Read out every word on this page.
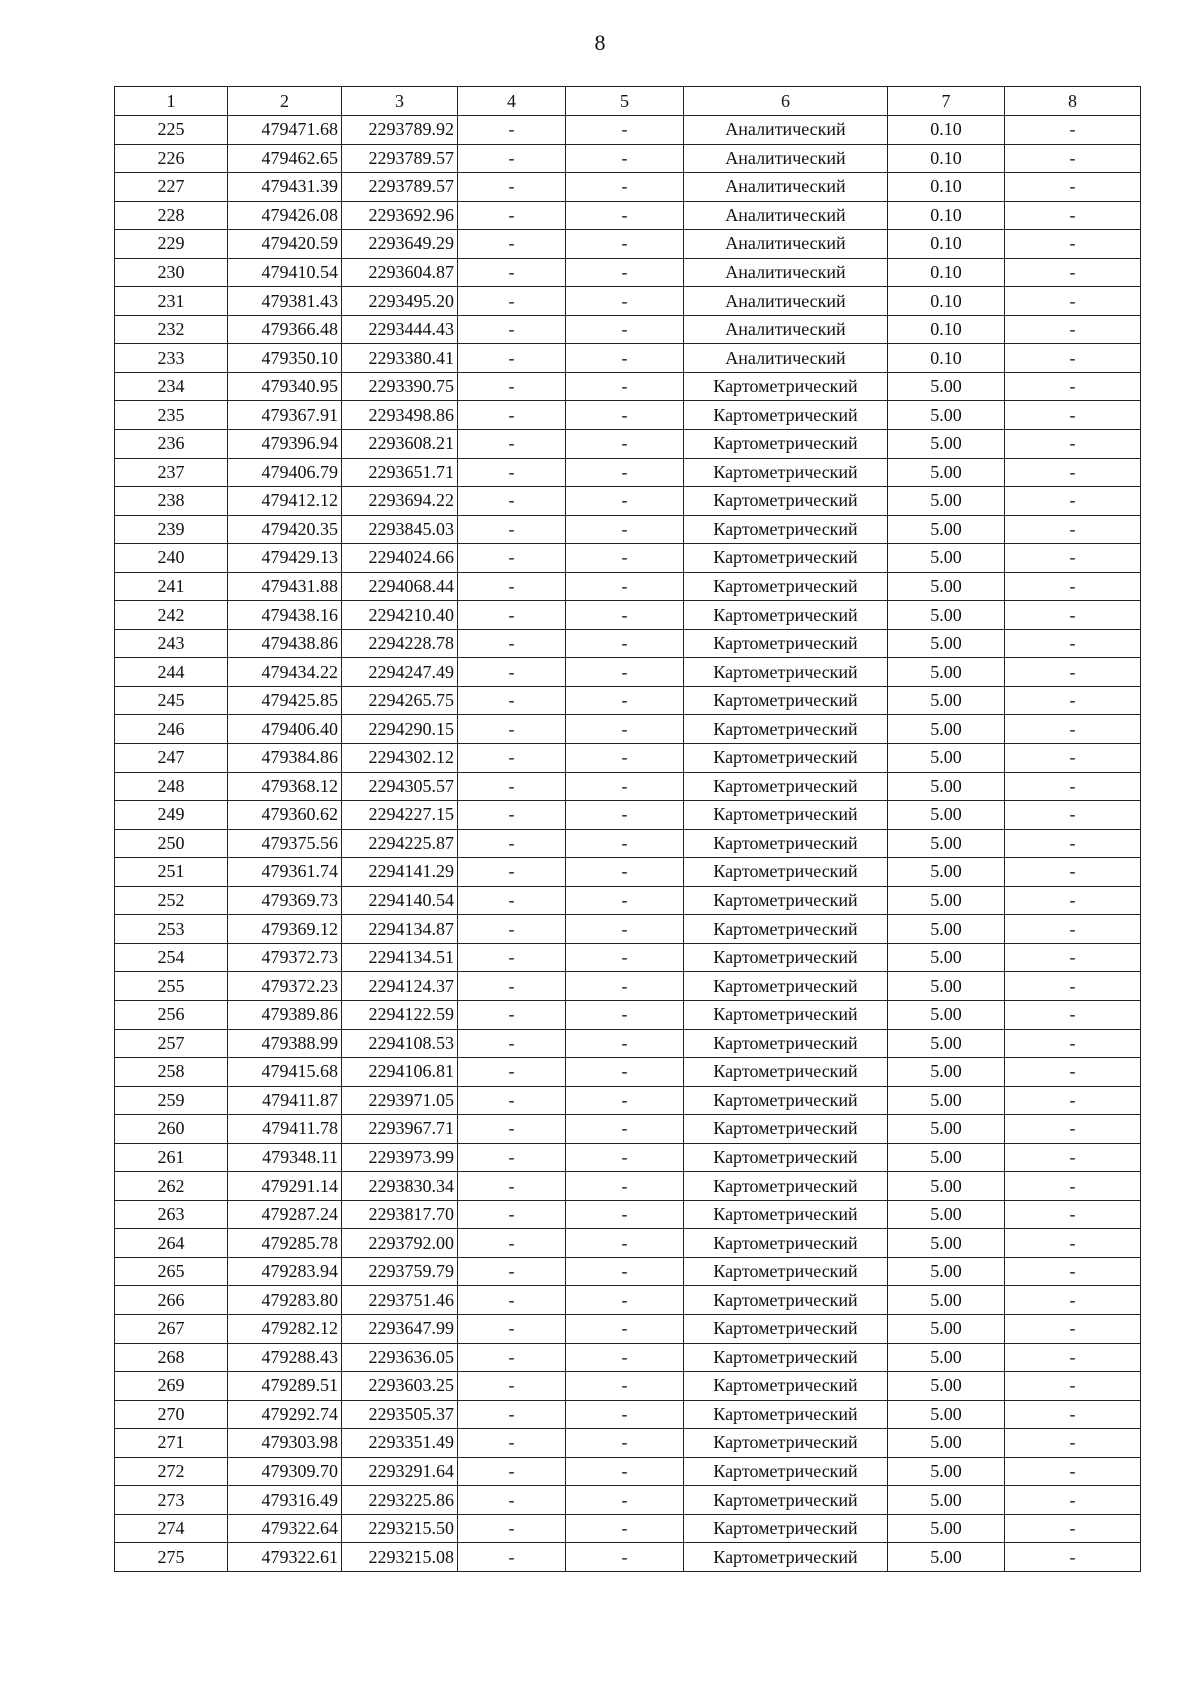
8
1	2	3	4	5	6	7	8
225	479471.68	2293789.92	-	-	Аналитический	0.10	-
226	479462.65	2293789.57	-	-	Аналитический	0.10	-
227	479431.39	2293789.57	-	-	Аналитический	0.10	-
228	479426.08	2293692.96	-	-	Аналитический	0.10	-
229	479420.59	2293649.29	-	-	Аналитический	0.10	-
230	479410.54	2293604.87	-	-	Аналитический	0.10	-
231	479381.43	2293495.20	-	-	Аналитический	0.10	-
232	479366.48	2293444.43	-	-	Аналитический	0.10	-
233	479350.10	2293380.41	-	-	Аналитический	0.10	-
234	479340.95	2293390.75	-	-	Картометрический	5.00	-
235	479367.91	2293498.86	-	-	Картометрический	5.00	-
236	479396.94	2293608.21	-	-	Картометрический	5.00	-
237	479406.79	2293651.71	-	-	Картометрический	5.00	-
238	479412.12	2293694.22	-	-	Картометрический	5.00	-
239	479420.35	2293845.03	-	-	Картометрический	5.00	-
240	479429.13	2294024.66	-	-	Картометрический	5.00	-
241	479431.88	2294068.44	-	-	Картометрический	5.00	-
242	479438.16	2294210.40	-	-	Картометрический	5.00	-
243	479438.86	2294228.78	-	-	Картометрический	5.00	-
244	479434.22	2294247.49	-	-	Картометрический	5.00	-
245	479425.85	2294265.75	-	-	Картометрический	5.00	-
246	479406.40	2294290.15	-	-	Картометрический	5.00	-
247	479384.86	2294302.12	-	-	Картометрический	5.00	-
248	479368.12	2294305.57	-	-	Картометрический	5.00	-
249	479360.62	2294227.15	-	-	Картометрический	5.00	-
250	479375.56	2294225.87	-	-	Картометрический	5.00	-
251	479361.74	2294141.29	-	-	Картометрический	5.00	-
252	479369.73	2294140.54	-	-	Картометрический	5.00	-
253	479369.12	2294134.87	-	-	Картометрический	5.00	-
254	479372.73	2294134.51	-	-	Картометрический	5.00	-
255	479372.23	2294124.37	-	-	Картометрический	5.00	-
256	479389.86	2294122.59	-	-	Картометрический	5.00	-
257	479388.99	2294108.53	-	-	Картометрический	5.00	-
258	479415.68	2294106.81	-	-	Картометрический	5.00	-
259	479411.87	2293971.05	-	-	Картометрический	5.00	-
260	479411.78	2293967.71	-	-	Картометрический	5.00	-
261	479348.11	2293973.99	-	-	Картометрический	5.00	-
262	479291.14	2293830.34	-	-	Картометрический	5.00	-
263	479287.24	2293817.70	-	-	Картометрический	5.00	-
264	479285.78	2293792.00	-	-	Картометрический	5.00	-
265	479283.94	2293759.79	-	-	Картометрический	5.00	-
266	479283.80	2293751.46	-	-	Картометрический	5.00	-
267	479282.12	2293647.99	-	-	Картометрический	5.00	-
268	479288.43	2293636.05	-	-	Картометрический	5.00	-
269	479289.51	2293603.25	-	-	Картометрический	5.00	-
270	479292.74	2293505.37	-	-	Картометрический	5.00	-
271	479303.98	2293351.49	-	-	Картометрический	5.00	-
272	479309.70	2293291.64	-	-	Картометрический	5.00	-
273	479316.49	2293225.86	-	-	Картометрический	5.00	-
274	479322.64	2293215.50	-	-	Картометрический	5.00	-
275	479322.61	2293215.08	-	-	Картометрический	5.00	-
